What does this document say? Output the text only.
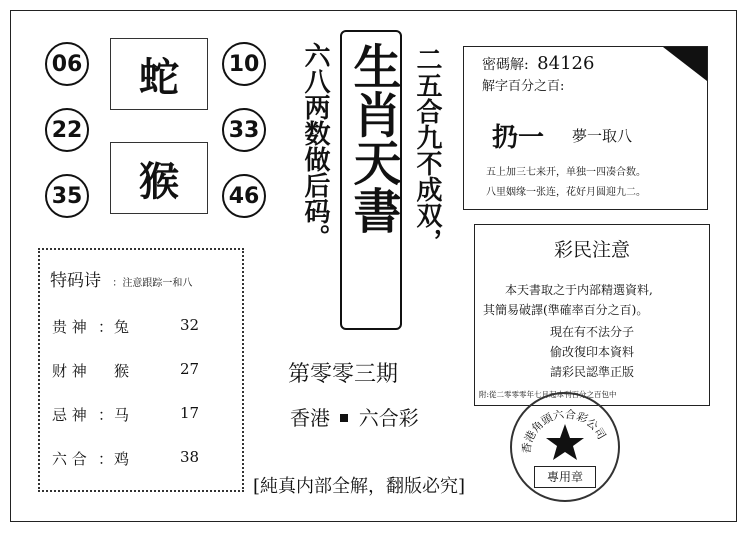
06	10
22	33
35	46
蛇
猴	六八两数做后码。 生肖天書 二五合九不成双，
第零零三期
香港 六合彩
[純真内部全解，翻版必究]
特码诗 ：注意跟踪一和八
贵 神 ： 兔	32
财 神 猴	27
忌 神 ： 马	17
六 合 ： 鸡	38
密碼解: 84126
解字百分之百:
扔一 夢一取八
五上加三七来开，单独一四凑合数。
八里姻缘一张连，花好月圆迎九二。
彩民注意
本天書取之于内部精選資料,
其簡易破譯(準確率百分之百)。
現在有不法分子
偷改復印本資料
請彩民認準正版
附:從二零零零年七月起本刊百分之百包中
香港角頭六合彩公司
專用章
